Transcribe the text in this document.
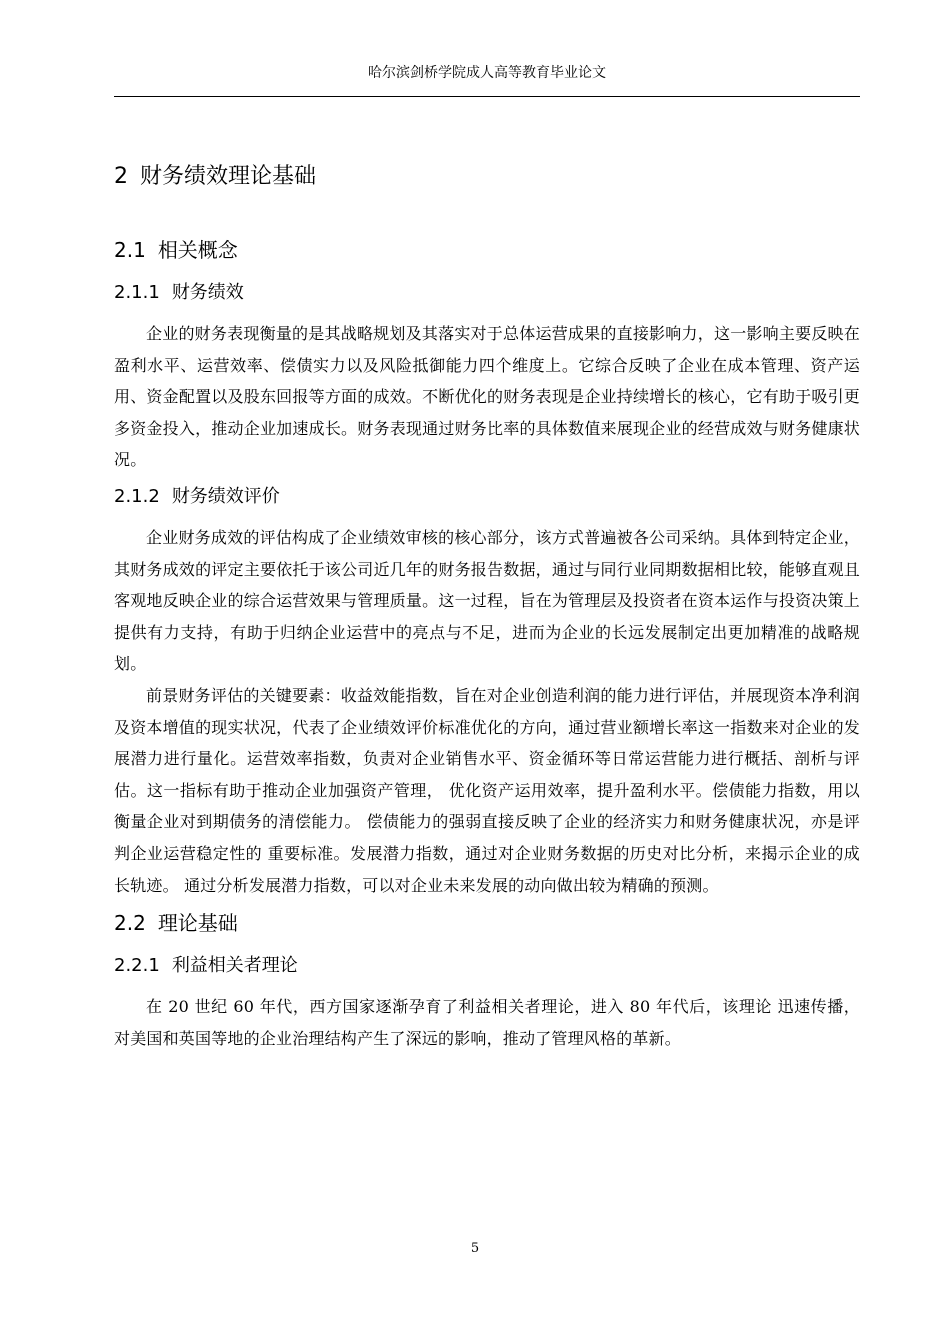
哈尔滨剑桥学院成人高等教育毕业论文
2 财务绩效理论基础
2.1 相关概念
2.1.1 财务绩效

企业的财务表现衡量的是其战略规划及其落实对于总体运营成果的直接影响力，这一影响主要反映在盈利水平、运营效率、偿债实力以及风险抵御能力四个维度上。它综合反映了企业在成本管理、资产运用、资金配置以及股东回报等方面的成效。不断优化的财务表现是企业持续增长的核心，它有助于吸引更多资金投入，推动企业加速成长。财务表现通过财务比率的具体数值来展现企业的经营成效与财务健康状况。

2.1.2 财务绩效评价

企业财务成效的评估构成了企业绩效审核的核心部分，该方式普遍被各公司采纳。具体到特定企业，其财务成效的评定主要依托于该公司近几年的财务报告数据，通过与同行业同期数据相比较，能够直观且客观地反映企业的综合运营效果与管理质量。这一过程，旨在为管理层及投资者在资本运作与投资决策上提供有力支持，有助于归纳企业运营中的亮点与不足，进而为企业的长远发展制定出更加精准的战略规划。

前景财务评估的关键要素：收益效能指数，旨在对企业创造利润的能力进行评估，并展现资本净利润及资本增值的现实状况，代表了企业绩效评价标准优化的方向，通过营业额增长率这一指数来对企业的发展潜力进行量化。运营效率指数，负责对企业销售水平、资金循环等日常运营能力进行概括、剖析与评估。这一指标有助于推动企业加强资产管理， 优化资产运用效率，提升盈利水平。偿债能力指数，用以衡量企业对到期债务的清偿能力。 偿债能力的强弱直接反映了企业的经济实力和财务健康状况，亦是评判企业运营稳定性的 重要标准。发展潜力指数，通过对企业财务数据的历史对比分析，来揭示企业的成长轨迹。 通过分析发展潜力指数，可以对企业未来发展的动向做出较为精确的预测。

2.2 理论基础
2.2.1 利益相关者理论

在 20 世纪 60 年代，西方国家逐渐孕育了利益相关者理论，进入 80 年代后，该理论 迅速传播，对美国和英国等地的企业治理结构产生了深远的影响，推动了管理风格的革新。

5
